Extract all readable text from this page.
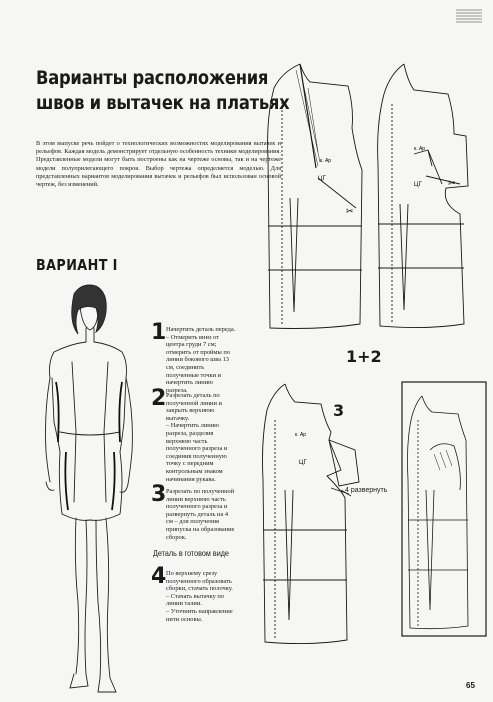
Варианты расположения
швов и вытачек на платьях
В этом выпуске речь пойдет о технологических возможностях моделирования вытачек и рельефов. Каждая модель демонстрирует отдельную особенность техники моделирования. Представленные модели могут быть построены как на чертеже основы, так и на чертеже модели полуприлегающего покроя. Выбор чертежа определяется моделью. Для представленных вариантов моделирования вытачек и рельефов был использован основой чертеж, без изменений.
ВАРИАНТ I
1 Начертить деталь переда.
– Отмерить вниз от центра груди 7 см; отмерить от проймы по линии бокового шва 13 см, соединить полученные точки и начертить линию разреза.
2 Разрезать деталь по полученной линии и закрыть верхнюю вытачку.
– Начертить линию разреза, разделив верхнюю часть полученного разреза и соединив полученную точку с передним контрольным знаком начинания рукава.
3 Разрезать по полученной линии верхнюю часть полученного разреза и развернуть деталь на 4 см – для получения припуска на образование сборок.
Деталь в готовом виде
4 По верхнему срезу полученного образовать сборки, стачать полочку.
– Стачать вытачку по линии талии.
– Уточнить направление нити основы.
ЦГ
к. Ар
✂
ЦГ
к. Ар
✂
1+2
ЦГ
к. Ар
3
4 развернуть
65
